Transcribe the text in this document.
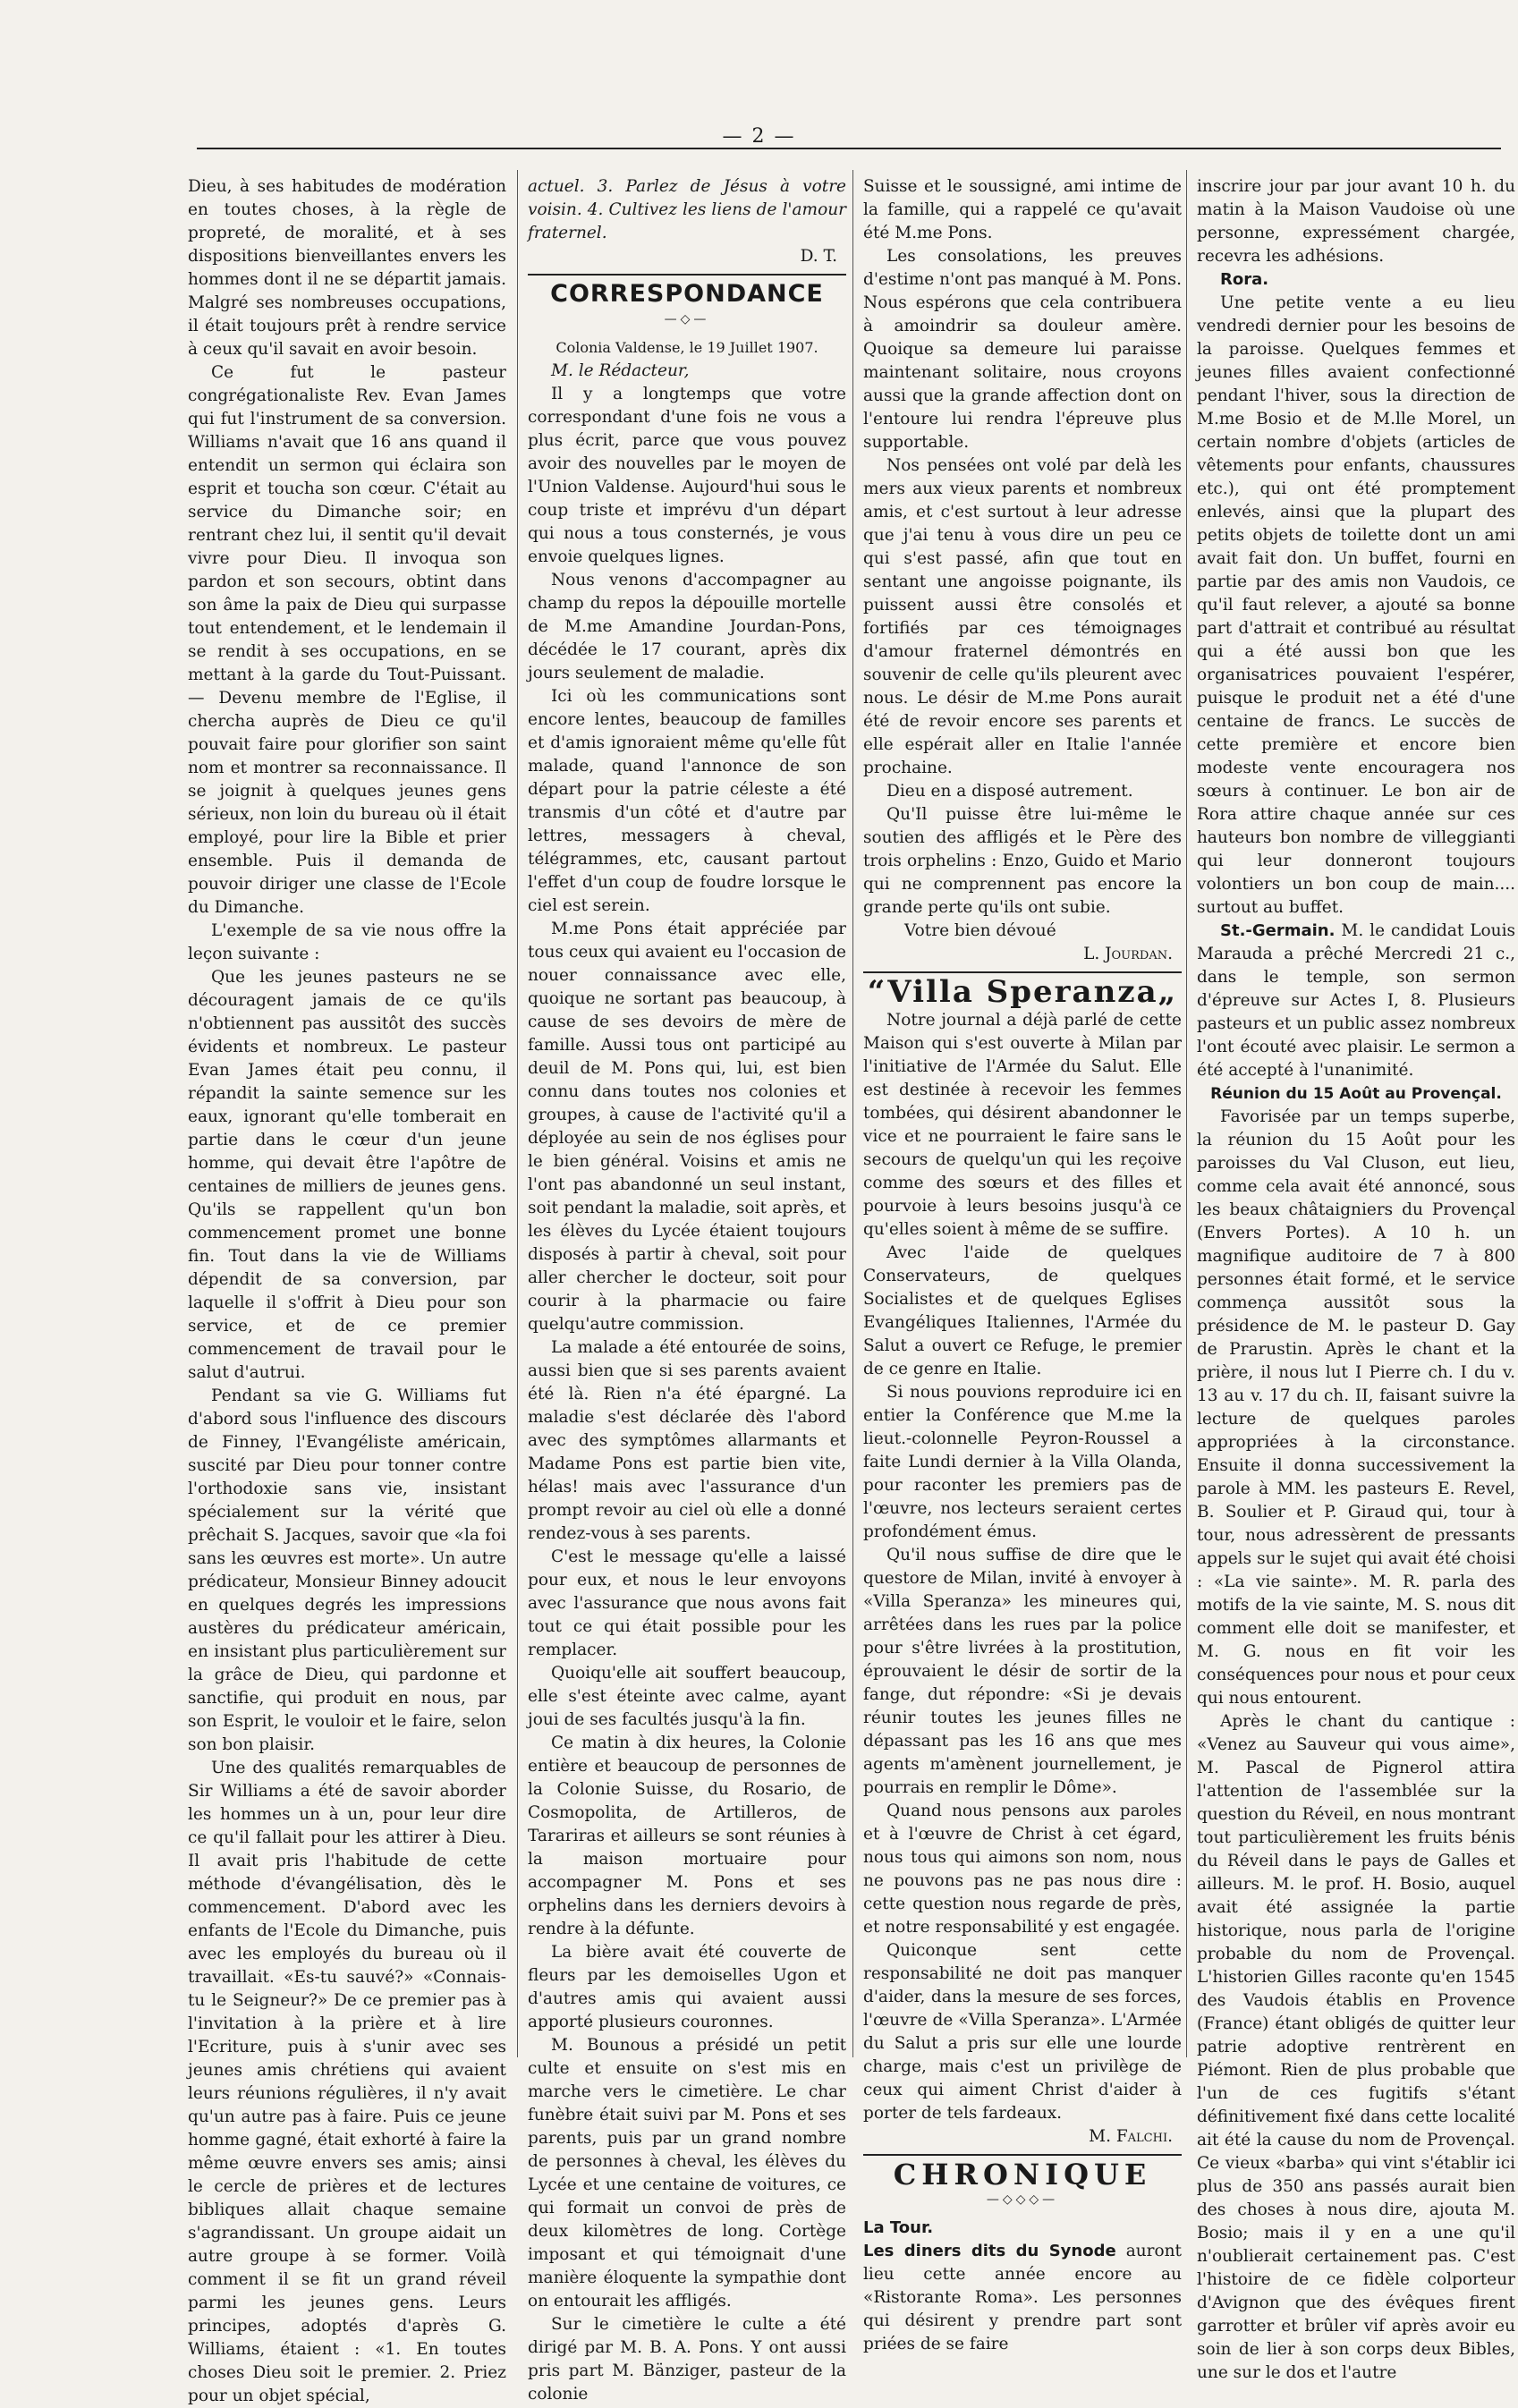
— 2 —

Dieu, à ses habitudes de modération en toutes choses, à la règle de propreté, de moralité, et à ses dispositions bienveillantes envers les hommes dont il ne se départit jamais. Malgré ses nombreuses occupations, il était toujours prêt à rendre service à ceux qu'il savait en avoir besoin.

Ce fut le pasteur congrégationaliste Rev. Evan James qui fut l'instrument de sa conversion. Williams n'avait que 16 ans quand il entendit un sermon qui éclaira son esprit et toucha son cœur. C'était au service du Dimanche soir; en rentrant chez lui, il sentit qu'il devait vivre pour Dieu. Il invoqua son pardon et son secours, obtint dans son âme la paix de Dieu qui surpasse tout entendement, et le lendemain il se rendit à ses occupations, en se mettant à la garde du Tout-Puissant. — Devenu membre de l'Eglise, il chercha auprès de Dieu ce qu'il pouvait faire pour glorifier son saint nom et montrer sa reconnaissance. Il se joignit à quelques jeunes gens sérieux, non loin du bureau où il était employé, pour lire la Bible et prier ensemble. Puis il demanda de pouvoir diriger une classe de l'Ecole du Dimanche.

L'exemple de sa vie nous offre la leçon suivante :

Que les jeunes pasteurs ne se découragent jamais de ce qu'ils n'obtiennent pas aussitôt des succès évidents et nombreux. Le pasteur Evan James était peu connu, il répandit la sainte semence sur les eaux, ignorant qu'elle tomberait en partie dans le cœur d'un jeune homme, qui devait être l'apôtre de centaines de milliers de jeunes gens. Qu'ils se rappellent qu'un bon commencement promet une bonne fin. Tout dans la vie de Williams dépendit de sa conversion, par laquelle il s'offrit à Dieu pour son service, et de ce premier commencement de travail pour le salut d'autrui.

Pendant sa vie G. Williams fut d'abord sous l'influence des discours de Finney, l'Evangéliste américain, suscité par Dieu pour tonner contre l'orthodoxie sans vie, insistant spécialement sur la vérité que prêchait S. Jacques, savoir que «la foi sans les œuvres est morte». Un autre prédicateur, Monsieur Binney adoucit en quelques degrés les impressions austères du prédicateur américain, en insistant plus particulièrement sur la grâce de Dieu, qui pardonne et sanctifie, qui produit en nous, par son Esprit, le vouloir et le faire, selon son bon plaisir.

Une des qualités remarquables de Sir Williams a été de savoir aborder les hommes un à un, pour leur dire ce qu'il fallait pour les attirer à Dieu. Il avait pris l'habitude de cette méthode d'évangélisation, dès le commencement. D'abord avec les enfants de l'Ecole du Dimanche, puis avec les employés du bureau où il travaillait. «Es-tu sauvé?» «Connais-tu le Seigneur?» De ce premier pas à l'invitation à la prière et à lire l'Ecriture, puis à s'unir avec ses jeunes amis chrétiens qui avaient leurs réunions régulières, il n'y avait qu'un autre pas à faire. Puis ce jeune homme gagné, était exhorté à faire la même œuvre envers ses amis; ainsi le cercle de prières et de lectures bibliques allait chaque semaine s'agrandissant. Un groupe aidait un autre groupe à se former. Voilà comment il se fit un grand réveil parmi les jeunes gens. Leurs principes, adoptés d'après G. Williams, étaient : «1. En toutes choses Dieu soit le premier. 2. Priez pour un objet spécial,

actuel. 3. Parlez de Jésus à votre voisin. 4. Cultivez les liens de l'amour fraternel.

D. T.
CORRESPONDANCE
—◇—
Colonia Valdense, le 19 Juillet 1907.

M. le Rédacteur,

Il y a longtemps que votre correspondant d'une fois ne vous a plus écrit, parce que vous pouvez avoir des nouvelles par le moyen de l'Union Valdense. Aujourd'hui sous le coup triste et imprévu d'un départ qui nous a tous consternés, je vous envoie quelques lignes.

Nous venons d'accompagner au champ du repos la dépouille mortelle de M.me Amandine Jourdan-Pons, décédée le 17 courant, après dix jours seulement de maladie.

Ici où les communications sont encore lentes, beaucoup de familles et d'amis ignoraient même qu'elle fût malade, quand l'annonce de son départ pour la patrie céleste a été transmis d'un côté et d'autre par lettres, messagers à cheval, télégrammes, etc, causant partout l'effet d'un coup de foudre lorsque le ciel est serein.

M.me Pons était appréciée par tous ceux qui avaient eu l'occasion de nouer connaissance avec elle, quoique ne sortant pas beaucoup, à cause de ses devoirs de mère de famille. Aussi tous ont participé au deuil de M. Pons qui, lui, est bien connu dans toutes nos colonies et groupes, à cause de l'activité qu'il a déployée au sein de nos églises pour le bien général. Voisins et amis ne l'ont pas abandonné un seul instant, soit pendant la maladie, soit après, et les élèves du Lycée étaient toujours disposés à partir à cheval, soit pour aller chercher le docteur, soit pour courir à la pharmacie ou faire quelqu'autre commission.

La malade a été entourée de soins, aussi bien que si ses parents avaient été là. Rien n'a été épargné. La maladie s'est déclarée dès l'abord avec des symptômes allarmants et Madame Pons est partie bien vite, hélas! mais avec l'assurance d'un prompt revoir au ciel où elle a donné rendez-vous à ses parents.

C'est le message qu'elle a laissé pour eux, et nous le leur envoyons avec l'assurance que nous avons fait tout ce qui était possible pour les remplacer.

Quoiqu'elle ait souffert beaucoup, elle s'est éteinte avec calme, ayant joui de ses facultés jusqu'à la fin.

Ce matin à dix heures, la Colonie entière et beaucoup de personnes de la Colonie Suisse, du Rosario, de Cosmopolita, de Artilleros, de Tarariras et ailleurs se sont réunies à la maison mortuaire pour accompagner M. Pons et ses orphelins dans les derniers devoirs à rendre à la défunte.

La bière avait été couverte de fleurs par les demoiselles Ugon et d'autres amis qui avaient aussi apporté plusieurs couronnes.

M. Bounous a présidé un petit culte et ensuite on s'est mis en marche vers le cimetière. Le char funèbre était suivi par M. Pons et ses parents, puis par un grand nombre de personnes à cheval, les élèves du Lycée et une centaine de voitures, ce qui formait un convoi de près de deux kilomètres de long. Cortège imposant et qui témoignait d'une manière éloquente la sympathie dont on entourait les affligés.

Sur le cimetière le culte a été dirigé par M. B. A. Pons. Y ont aussi pris part M. Bänziger, pasteur de la colonie

Suisse et le soussigné, ami intime de la famille, qui a rappelé ce qu'avait été M.me Pons.

Les consolations, les preuves d'estime n'ont pas manqué à M. Pons. Nous espérons que cela contribuera à amoindrir sa douleur amère. Quoique sa demeure lui paraisse maintenant solitaire, nous croyons aussi que la grande affection dont on l'entoure lui rendra l'épreuve plus supportable.

Nos pensées ont volé par delà les mers aux vieux parents et nombreux amis, et c'est surtout à leur adresse que j'ai tenu à vous dire un peu ce qui s'est passé, afin que tout en sentant une angoisse poignante, ils puissent aussi être consolés et fortifiés par ces témoignages d'amour fraternel démontrés en souvenir de celle qu'ils pleurent avec nous. Le désir de M.me Pons aurait été de revoir encore ses parents et elle espérait aller en Italie l'année prochaine.

Dieu en a disposé autrement.

Qu'Il puisse être lui-même le soutien des affligés et le Père des trois orphelins : Enzo, Guido et Mario qui ne comprennent pas encore la grande perte qu'ils ont subie.

Votre bien dévoué

L. Jourdan.
“Villa Speranza„

Notre journal a déjà parlé de cette Maison qui s'est ouverte à Milan par l'initiative de l'Armée du Salut. Elle est destinée à recevoir les femmes tombées, qui désirent abandonner le vice et ne pourraient le faire sans le secours de quelqu'un qui les reçoive comme des sœurs et des filles et pourvoie à leurs besoins jusqu'à ce qu'elles soient à même de se suffire.

Avec l'aide de quelques Conservateurs, de quelques Socialistes et de quelques Eglises Evangéliques Italiennes, l'Armée du Salut a ouvert ce Refuge, le premier de ce genre en Italie.

Si nous pouvions reproduire ici en entier la Conférence que M.me la lieut.-colonnelle Peyron-Roussel a faite Lundi dernier à la Villa Olanda, pour raconter les premiers pas de l'œuvre, nos lecteurs seraient certes profondément émus.

Qu'il nous suffise de dire que le questore de Milan, invité à envoyer à «Villa Speranza» les mineures qui, arrêtées dans les rues par la police pour s'être livrées à la prostitution, éprouvaient le désir de sortir de la fange, dut répondre: «Si je devais réunir toutes les jeunes filles ne dépassant pas les 16 ans que mes agents m'amènent journellement, je pourrais en remplir le Dôme».

Quand nous pensons aux paroles et à l'œuvre de Christ à cet égard, nous tous qui aimons son nom, nous ne pouvons pas ne pas nous dire : cette question nous regarde de près, et notre responsabilité y est engagée.

Quiconque sent cette responsabilité ne doit pas manquer d'aider, dans la mesure de ses forces, l'œuvre de «Villa Speranza». L'Armée du Salut a pris sur elle une lourde charge, mais c'est un privilège de ceux qui aiment Christ d'aider à porter de tels fardeaux.

M. Falchi.
CHRONIQUE
—◇◇◇—
La Tour.

Les diners dits du Synode auront lieu cette année encore au «Ristorante Roma». Les personnes qui désirent y prendre part sont priées de se faire

inscrire jour par jour avant 10 h. du matin à la Maison Vaudoise où une personne, expressément chargée, recevra les adhésions.

Rora.

Une petite vente a eu lieu vendredi dernier pour les besoins de la paroisse. Quelques femmes et jeunes filles avaient confectionné pendant l'hiver, sous la direction de M.me Bosio et de M.lle Morel, un certain nombre d'objets (articles de vêtements pour enfants, chaussures etc.), qui ont été promptement enlevés, ainsi que la plupart des petits objets de toilette dont un ami avait fait don. Un buffet, fourni en partie par des amis non Vaudois, ce qu'il faut relever, a ajouté sa bonne part d'attrait et contribué au résultat qui a été aussi bon que les organisatrices pouvaient l'espérer, puisque le produit net a été d'une centaine de francs. Le succès de cette première et encore bien modeste vente encouragera nos sœurs à continuer. Le bon air de Rora attire chaque année sur ces hauteurs bon nombre de villeggianti qui leur donneront toujours volontiers un bon coup de main.... surtout au buffet.

St.-Germain. M. le candidat Louis Marauda a prêché Mercredi 21 c., dans le temple, son sermon d'épreuve sur Actes I, 8. Plusieurs pasteurs et un public assez nombreux l'ont écouté avec plaisir. Le sermon a été accepté à l'unanimité.

Réunion du 15 Août au Provençal.

Favorisée par un temps superbe, la réunion du 15 Août pour les paroisses du Val Cluson, eut lieu, comme cela avait été annoncé, sous les beaux châtaigniers du Provençal (Envers Portes). A 10 h. un magnifique auditoire de 7 à 800 personnes était formé, et le service commença aussitôt sous la présidence de M. le pasteur D. Gay de Prarustin. Après le chant et la prière, il nous lut I Pierre ch. I du v. 13 au v. 17 du ch. II, faisant suivre la lecture de quelques paroles appropriées à la circonstance. Ensuite il donna successivement la parole à MM. les pasteurs E. Revel, B. Soulier et P. Giraud qui, tour à tour, nous adressèrent de pressants appels sur le sujet qui avait été choisi : «La vie sainte». M. R. parla des motifs de la vie sainte, M. S. nous dit comment elle doit se manifester, et M. G. nous en fit voir les conséquences pour nous et pour ceux qui nous entourent.

Après le chant du cantique : «Venez au Sauveur qui vous aime», M. Pascal de Pignerol attira l'attention de l'assemblée sur la question du Réveil, en nous montrant tout particulièrement les fruits bénis du Réveil dans le pays de Galles et ailleurs. M. le prof. H. Bosio, auquel avait été assignée la partie historique, nous parla de l'origine probable du nom de Provençal. L'historien Gilles raconte qu'en 1545 des Vaudois établis en Provence (France) étant obligés de quitter leur patrie adoptive rentrèrent en Piémont. Rien de plus probable que l'un de ces fugitifs s'étant définitivement fixé dans cette localité ait été la cause du nom de Provençal. Ce vieux «barba» qui vint s'établir ici plus de 350 ans passés aurait bien des choses à nous dire, ajouta M. Bosio; mais il y en a une qu'il n'oublierait certainement pas. C'est l'histoire de ce fidèle colporteur d'Avignon que des évêques firent garrotter et brûler vif après avoir eu soin de lier à son corps deux Bibles, une sur le dos et l'autre
